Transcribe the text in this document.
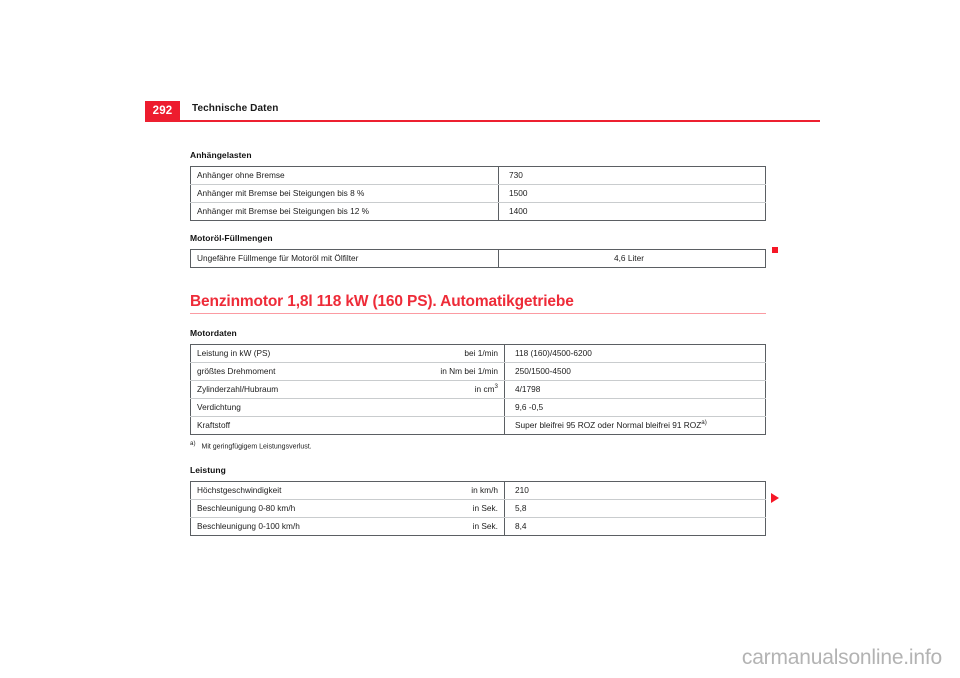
292	Technische Daten
Anhängelasten
Anhänger ohne Bremse	730
Anhänger mit Bremse bei Steigungen bis 8 %	1500
Anhänger mit Bremse bei Steigungen bis 12 %	1400
Motoröl-Füllmengen
Ungefähre Füllmenge für Motoröl mit Ölfilter	4,6 Liter
Benzinmotor 1,8l 118 kW (160 PS). Automatikgetriebe
Motordaten
Leistung in kW (PS)	bei 1/min	118 (160)/4500-6200
größtes Drehmoment	in Nm bei 1/min	250/1500-4500
Zylinderzahl/Hubraum	in $cm^3$	4/1798
Verdichtung		9,6 -0,5
Kraftstoff		Super bleifrei 95 ROZ oder Normal bleifrei 91 ROZ$^{a)}$
a) Mit geringfügigem Leistungsverlust.
Leistung
Höchstgeschwindigkeit	in km/h	210
Beschleunigung 0-80 km/h	in Sek.	5,8
Beschleunigung 0-100 km/h	in Sek.	8,4
carmanualsonline.info
